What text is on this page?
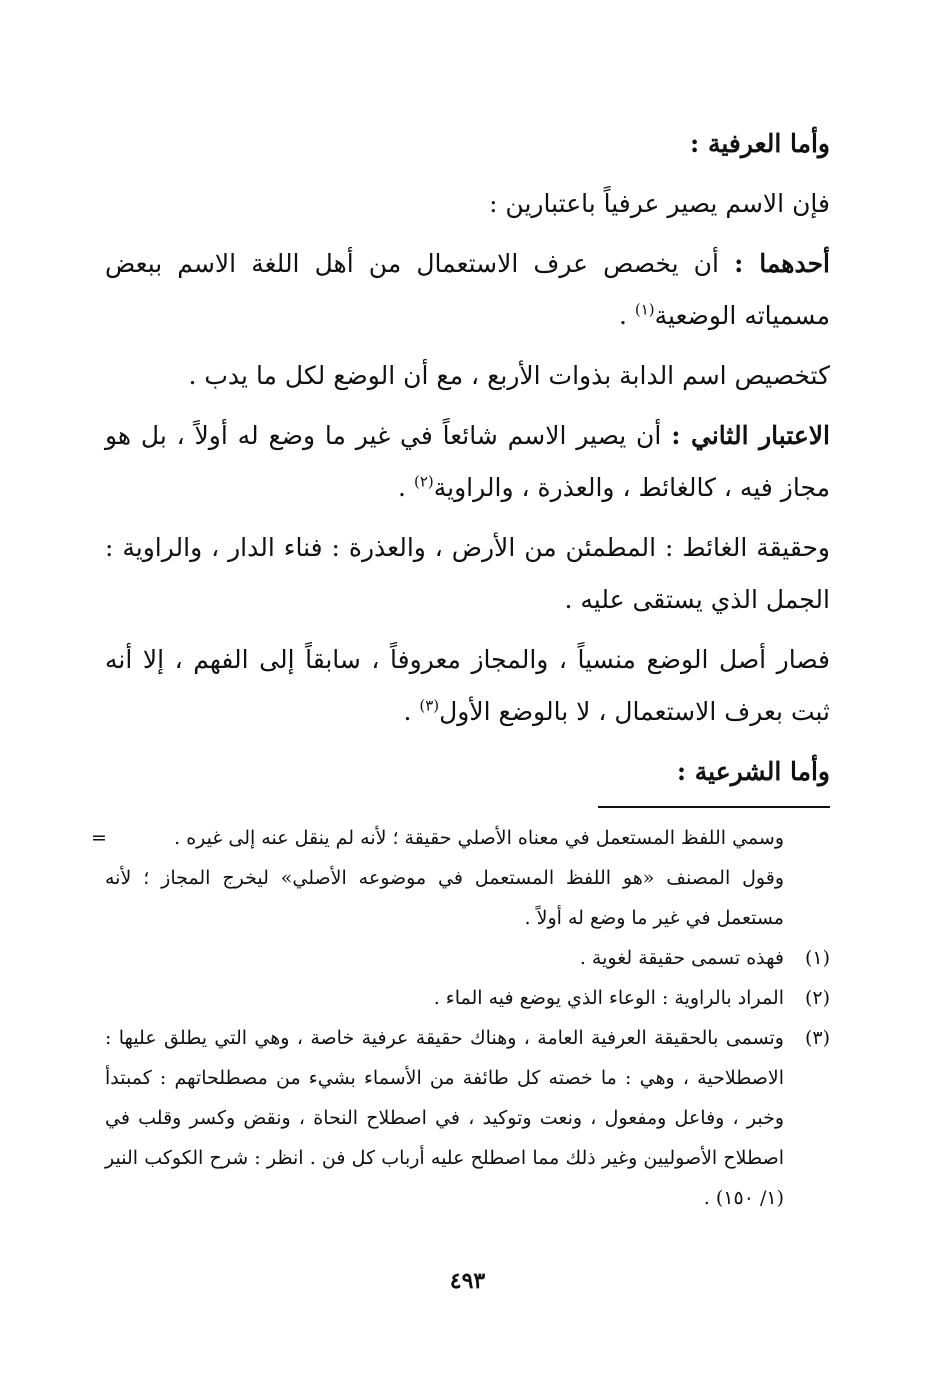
وأما العرفية :

فإن الاسم يصير عرفياً باعتبارين :

أحدهما : أن يخصص عرف الاستعمال من أهل اللغة الاسم ببعض مسمياته الوضعية$^{(١)}$ .

كتخصيص اسم الدابة بذوات الأربع ، مع أن الوضع لكل ما يدب .

الاعتبار الثاني : أن يصير الاسم شائعاً في غير ما وضع له أولاً ، بل هو مجاز فيه ، كالغائط ، والعذرة ، والراوية$^{(٢)}$ .

وحقيقة الغائط : المطمئن من الأرض ، والعذرة : فناء الدار ، والراوية : الجمل الذي يستقى عليه .

فصار أصل الوضع منسياً ، والمجاز معروفاً ، سابقاً إلى الفهم ، إلا أنه ثبت بعرف الاستعمال ، لا بالوضع الأول$^{(٣)}$ .

وأما الشرعية :

=	وسمي اللفظ المستعمل في معناه الأصلي حقيقة ؛ لأنه لم ينقل عنه إلى غيره .

وقول المصنف «هو اللفظ المستعمل في موضوعه الأصلي» ليخرج المجاز ؛ لأنه مستعمل في غير ما وضع له أولاً .

(١)
فهذه تسمى حقيقة لغوية .

(٢)
المراد بالراوية : الوعاء الذي يوضع فيه الماء .

(٣)
وتسمى بالحقيقة العرفية العامة ، وهناك حقيقة عرفية خاصة ، وهي التي يطلق عليها : الاصطلاحية ، وهي : ما خصته كل طائفة من الأسماء بشيء من مصطلحاتهم : كمبتدأ وخبر ، وفاعل ومفعول ، ونعت وتوكيد ، في اصطلاح النحاة ، ونقض وكسر وقلب في اصطلاح الأصوليين وغير ذلك مما اصطلح عليه أرباب كل فن . انظر : شرح الكوكب النير (١/ ١٥٠) .

٤٩٣
